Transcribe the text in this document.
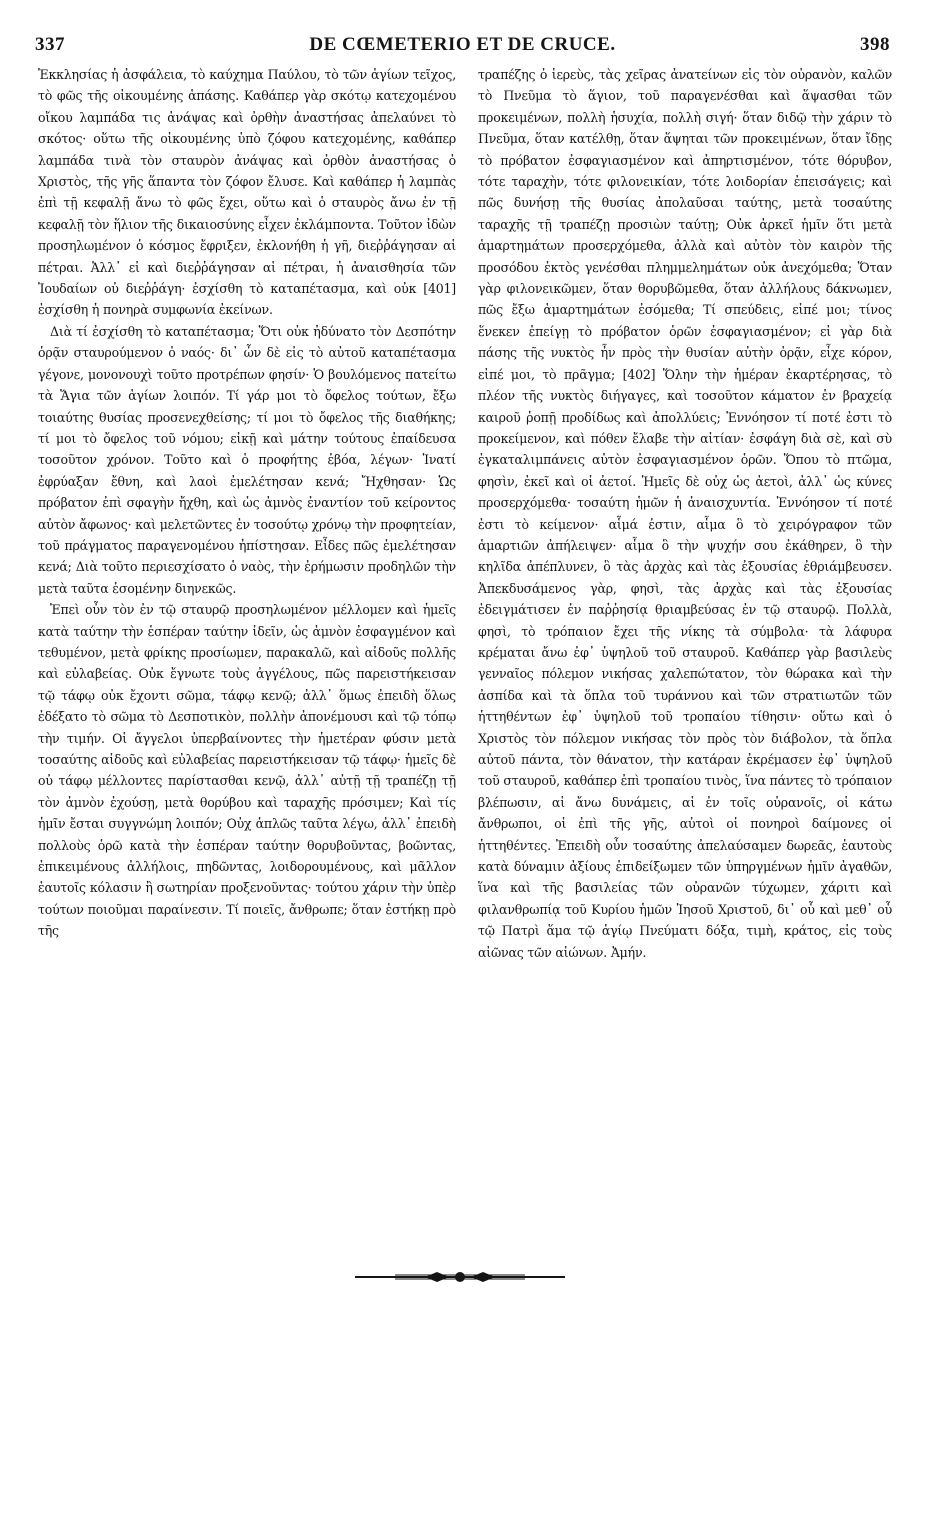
337	DE CŒMETERIO ET DE CRUCE.	398

Ἐκκλησίας ἡ ἀσφάλεια, τὸ καύχημα Παύλου, τὸ τῶν ἁγίων τεῖχος, τὸ φῶς τῆς οἰκουμένης ἁπάσης. Καθάπερ γὰρ σκότῳ κατεχομένου οἴκου λαμπάδα τις ἀνάψας καὶ ὀρθὴν ἀναστήσας ἀπελαύνει τὸ σκότος· οὕτω τῆς οἰκουμένης ὑπὸ ζόφου κατεχομένης, καθάπερ λαμπάδα τινὰ τὸν σταυρὸν ἀνάψας καὶ ὀρθὸν ἀναστήσας ὁ Χριστὸς, τῆς γῆς ἅπαντα τὸν ζόφον ἔλυσε. Καὶ καθάπερ ἡ λαμπὰς ἐπὶ τῇ κεφαλῇ ἄνω τὸ φῶς ἔχει, οὕτω καὶ ὁ σταυρὸς ἄνω ἐν τῇ κεφαλῇ τὸν ἥλιον τῆς δικαιοσύνης εἶχεν ἐκλάμποντα. Τοῦτον ἰδὼν προσηλωμένον ὁ κόσμος ἔφριξεν, ἐκλονήθη ἡ γῆ, διεῤῥάγησαν αἱ πέτραι. Ἀλλ᾽ εἰ καὶ διεῤῥάγησαν αἱ πέτραι, ἡ ἀναισθησία τῶν Ἰουδαίων οὐ διεῤῥάγη· ἐσχίσθη τὸ καταπέτασμα, καὶ οὐκ [401] ἐσχίσθη ἡ πονηρὰ συμφωνία ἐκείνων.

Διὰ τί ἐσχίσθη τὸ καταπέτασμα; Ὅτι οὐκ ἠδύνατο τὸν Δεσπότην ὁρᾷν σταυρούμενον ὁ ναός· δι᾽ ὧν δὲ εἰς τὸ αὐτοῦ καταπέτασμα γέγονε, μονονουχὶ τοῦτο προτρέπων φησίν· Ὁ βουλόμενος πατείτω τὰ Ἅγια τῶν ἁγίων λοιπόν. Τί γάρ μοι τὸ ὄφελος τούτων, ἔξω τοιαύτης θυσίας προσενεχθείσης; τί μοι τὸ ὄφελος τῆς διαθήκης; τί μοι τὸ ὄφελος τοῦ νόμου; εἰκῇ καὶ μάτην τούτους ἐπαίδευσα τοσοῦτον χρόνον. Τοῦτο καὶ ὁ προφήτης ἐβόα, λέγων· Ἱνατί ἐφρύαξαν ἔθνη, καὶ λαοὶ ἐμελέτησαν κενά; Ἤχθησαν· Ὡς πρόβατον ἐπὶ σφαγὴν ἤχθη, καὶ ὡς ἀμνὸς ἐναντίον τοῦ κείροντος αὐτὸν ἄφωνος· καὶ μελετῶντες ἐν τοσούτῳ χρόνῳ τὴν προφητείαν, τοῦ πράγματος παραγενομένου ἠπίστησαν. Εἶδες πῶς ἐμελέτησαν κενά; Διὰ τοῦτο περιεσχίσατο ὁ ναὸς, τὴν ἐρήμωσιν προδηλῶν τὴν μετὰ ταῦτα ἐσομένην διηνεκῶς.

Ἐπεὶ οὖν τὸν ἐν τῷ σταυρῷ προσηλωμένον μέλλομεν καὶ ἡμεῖς κατὰ ταύτην τὴν ἑσπέραν ταύτην ἰδεῖν, ὡς ἀμνὸν ἐσφαγμένον καὶ τεθυμένον, μετὰ φρίκης προσίωμεν, παρακαλῶ, καὶ αἰδοῦς πολλῆς καὶ εὐλαβείας. Οὐκ ἔγνωτε τοὺς ἀγγέλους, πῶς παρειστήκεισαν τῷ τάφῳ οὐκ ἔχοντι σῶμα, τάφῳ κενῷ; ἀλλ᾽ ὅμως ἐπειδὴ ὅλως ἐδέξατο τὸ σῶμα τὸ Δεσποτικὸν, πολλὴν ἀπονέμουσι καὶ τῷ τόπῳ τὴν τιμήν. Οἱ ἄγγελοι ὑπερβαίνοντες τὴν ἡμετέραν φύσιν μετὰ τοσαύτης αἰδοῦς καὶ εὐλαβείας παρειστήκεισαν τῷ τάφῳ· ἡμεῖς δὲ οὐ τάφῳ μέλλοντες παρίστασθαι κενῷ, ἀλλ᾽ αὐτῇ τῇ τραπέζῃ τῇ τὸν ἀμνὸν ἐχούσῃ, μετὰ θορύβου καὶ ταραχῆς πρόσιμεν; Καὶ τίς ἡμῖν ἔσται συγγνώμη λοιπόν; Οὐχ ἁπλῶς ταῦτα λέγω, ἀλλ᾽ ἐπειδὴ πολλοὺς ὁρῶ κατὰ τὴν ἑσπέραν ταύτην θορυβοῦντας, βοῶντας, ἐπικειμένους ἀλλήλοις, πηδῶντας, λοιδορουμένους, καὶ μᾶλλον ἑαυτοῖς κόλασιν ἢ σωτηρίαν προξενοῦντας· τούτου χάριν τὴν ὑπὲρ τούτων ποιοῦμαι παραίνεσιν. Τί ποιεῖς, ἄνθρωπε; ὅταν ἑστήκῃ πρὸ τῆς

τραπέζης ὁ ἱερεὺς, τὰς χεῖρας ἀνατείνων εἰς τὸν οὐρανὸν, καλῶν τὸ Πνεῦμα τὸ ἅγιον, τοῦ παραγενέσθαι καὶ ἅψασθαι τῶν προκειμένων, πολλὴ ἡσυχία, πολλὴ σιγή· ὅταν διδῷ τὴν χάριν τὸ Πνεῦμα, ὅταν κατέλθῃ, ὅταν ἅψηται τῶν προκειμένων, ὅταν ἴδῃς τὸ πρόβατον ἐσφαγιασμένον καὶ ἀπηρτισμένον, τότε θόρυβον, τότε ταραχὴν, τότε φιλονεικίαν, τότε λοιδορίαν ἐπεισάγεις; καὶ πῶς δυνήσῃ τῆς θυσίας ἀπολαῦσαι ταύτης, μετὰ τοσαύτης ταραχῆς τῇ τραπέζῃ προσιὼν ταύτῃ; Οὐκ ἀρκεῖ ἡμῖν ὅτι μετὰ ἁμαρτημάτων προσερχόμεθα, ἀλλὰ καὶ αὐτὸν τὸν καιρὸν τῆς προσόδου ἐκτὸς γενέσθαι πλημμελημάτων οὐκ ἀνεχόμεθα; Ὅταν γὰρ φιλονεικῶμεν, ὅταν θορυβῶμεθα, ὅταν ἀλλήλους δάκνωμεν, πῶς ἔξω ἁμαρτημάτων ἐσόμεθα; Τί σπεύδεις, εἰπέ μοι; τίνος ἕνεκεν ἐπείγῃ τὸ πρόβατον ὁρῶν ἐσφαγιασμένον; εἰ γὰρ διὰ πάσης τῆς νυκτὸς ἦν πρὸς τὴν θυσίαν αὐτὴν ὁρᾷν, εἶχε κόρον, εἰπέ μοι, τὸ πρᾶγμα; [402] Ὅλην τὴν ἡμέραν ἐκαρτέρησας, τὸ πλέον τῆς νυκτὸς διήγαγες, καὶ τοσοῦτον κάματον ἐν βραχείᾳ καιροῦ ῥοπῇ προδίδως καὶ ἀπολλύεις; Ἐννόησον τί ποτέ ἐστι τὸ προκείμενον, καὶ πόθεν ἔλαβε τὴν αἰτίαν· ἐσφάγη διὰ σὲ, καὶ σὺ ἐγκαταλιμπάνεις αὐτὸν ἐσφαγιασμένον ὁρῶν. Ὅπου τὸ πτῶμα, φησὶν, ἐκεῖ καὶ οἱ ἀετοί. Ἡμεῖς δὲ οὐχ ὡς ἀετοὶ, ἀλλ᾽ ὡς κύνες προσερχόμεθα· τοσαύτη ἡμῶν ἡ ἀναισχυντία. Ἐννόησον τί ποτέ ἐστι τὸ κείμενον· αἷμά ἐστιν, αἷμα ὃ τὸ χειρόγραφον τῶν ἁμαρτιῶν ἀπήλειψεν· αἷμα ὃ τὴν ψυχήν σου ἐκάθηρεν, ὃ τὴν κηλῖδα ἀπέπλυνεν, ὃ τὰς ἀρχὰς καὶ τὰς ἐξουσίας ἐθριάμβευσεν. Ἀπεκδυσάμενος γὰρ, φησὶ, τὰς ἀρχὰς καὶ τὰς ἐξουσίας ἐδειγμάτισεν ἐν παῤῥησίᾳ θριαμβεύσας ἐν τῷ σταυρῷ. Πολλὰ, φησὶ, τὸ τρόπαιον ἔχει τῆς νίκης τὰ σύμβολα· τὰ λάφυρα κρέμαται ἄνω ἐφ᾽ ὑψηλοῦ τοῦ σταυροῦ. Καθάπερ γὰρ βασιλεὺς γενναῖος πόλεμον νικήσας χαλεπώτατον, τὸν θώρακα καὶ τὴν ἀσπίδα καὶ τὰ ὅπλα τοῦ τυράννου καὶ τῶν στρατιωτῶν τῶν ἡττηθέντων ἐφ᾽ ὑψηλοῦ τοῦ τροπαίου τίθησιν· οὕτω καὶ ὁ Χριστὸς τὸν πόλεμον νικήσας τὸν πρὸς τὸν διάβολον, τὰ ὅπλα αὐτοῦ πάντα, τὸν θάνατον, τὴν κατάραν ἐκρέμασεν ἐφ᾽ ὑψηλοῦ τοῦ σταυροῦ, καθάπερ ἐπὶ τροπαίου τινὸς, ἵνα πάντες τὸ τρόπαιον βλέπωσιν, αἱ ἄνω δυνάμεις, αἱ ἐν τοῖς οὐρανοῖς, οἱ κάτω ἄνθρωποι, οἱ ἐπὶ τῆς γῆς, αὐτοὶ οἱ πονηροὶ δαίμονες οἱ ἡττηθέντες. Ἐπειδὴ οὖν τοσαύτης ἀπελαύσαμεν δωρεᾶς, ἑαυτοὺς κατὰ δύναμιν ἀξίους ἐπιδείξωμεν τῶν ὑπηργμένων ἡμῖν ἀγαθῶν, ἵνα καὶ τῆς βασιλείας τῶν οὐρανῶν τύχωμεν, χάριτι καὶ φιλανθρωπίᾳ τοῦ Κυρίου ἡμῶν Ἰησοῦ Χριστοῦ, δι᾽ οὗ καὶ μεθ᾽ οὗ τῷ Πατρὶ ἅμα τῷ ἁγίῳ Πνεύματι δόξα, τιμὴ, κράτος, εἰς τοὺς αἰῶνας τῶν αἰώνων. Ἀμήν.
